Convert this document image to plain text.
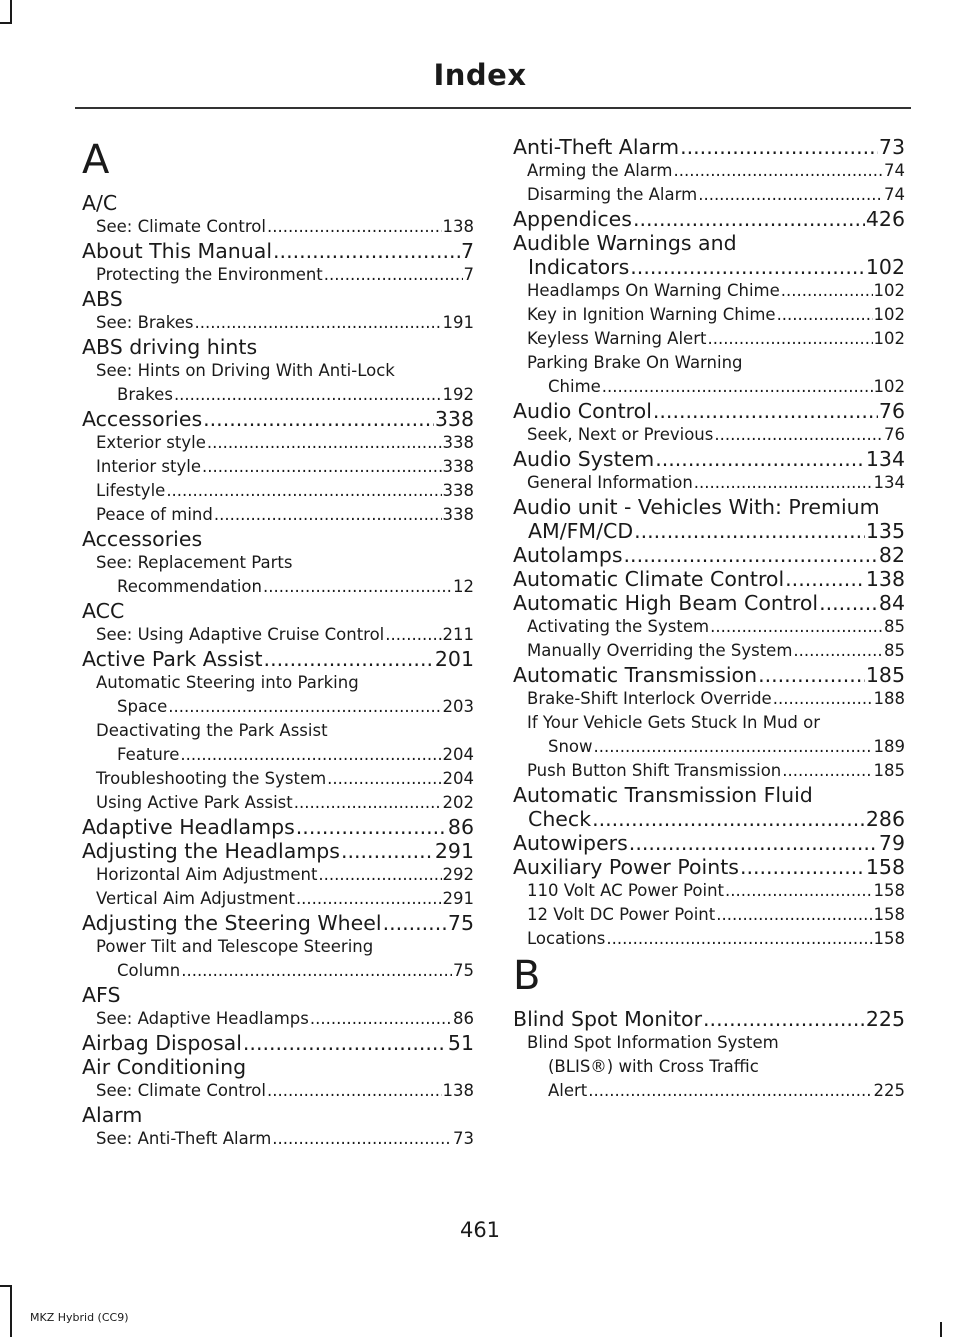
Index
A
A/C
See: Climate Control .....	138
About This Manual .....	7
Protecting the Environment .....	7
ABS
See: Brakes .....	191
ABS driving hints
See: Hints on Driving With Anti-Lock
Brakes .....	192
Accessories .....	338
Exterior style .....	338
Interior style .....	338
Lifestyle .....	338
Peace of mind .....	338
Accessories
See: Replacement Parts
Recommendation .....	12
ACC
See: Using Adaptive Cruise Control .....	211
Active Park Assist .....	201
Automatic Steering into Parking
Space .....	203
Deactivating the Park Assist
Feature .....	204
Troubleshooting the System .....	204
Using Active Park Assist .....	202
Adaptive Headlamps .....	86
Adjusting the Headlamps .....	291
Horizontal Aim Adjustment .....	292
Vertical Aim Adjustment .....	291
Adjusting the Steering Wheel .....	75
Power Tilt and Telescope Steering
Column .....	75
AFS
See: Adaptive Headlamps .....	86
Airbag Disposal .....	51
Air Conditioning
See: Climate Control .....	138
Alarm
See: Anti-Theft Alarm .....	73
Anti-Theft Alarm .....	73
Arming the Alarm .....	74
Disarming the Alarm .....	74
Appendices .....	426
Audible Warnings and
Indicators .....	102
Headlamps On Warning Chime .....	102
Key in Ignition Warning Chime .....	102
Keyless Warning Alert .....	102
Parking Brake On Warning
Chime .....	102
Audio Control .....	76
Seek, Next or Previous .....	76
Audio System .....	134
General Information .....	134
Audio unit - Vehicles With: Premium
AM/FM/CD .....	135
Autolamps .....	82
Automatic Climate Control .....	138
Automatic High Beam Control .....	84
Activating the System .....	85
Manually Overriding the System .....	85
Automatic Transmission .....	185
Brake-Shift Interlock Override .....	188
If Your Vehicle Gets Stuck In Mud or
Snow .....	189
Push Button Shift Transmission .....	185
Automatic Transmission Fluid
Check .....	286
Autowipers .....	79
Auxiliary Power Points .....	158
110 Volt AC Power Point .....	158
12 Volt DC Power Point .....	158
Locations .....	158
B
Blind Spot Monitor .....	225
Blind Spot Information System
(BLIS®) with Cross Traffic
Alert .....	225
461
MKZ Hybrid (CC9)
